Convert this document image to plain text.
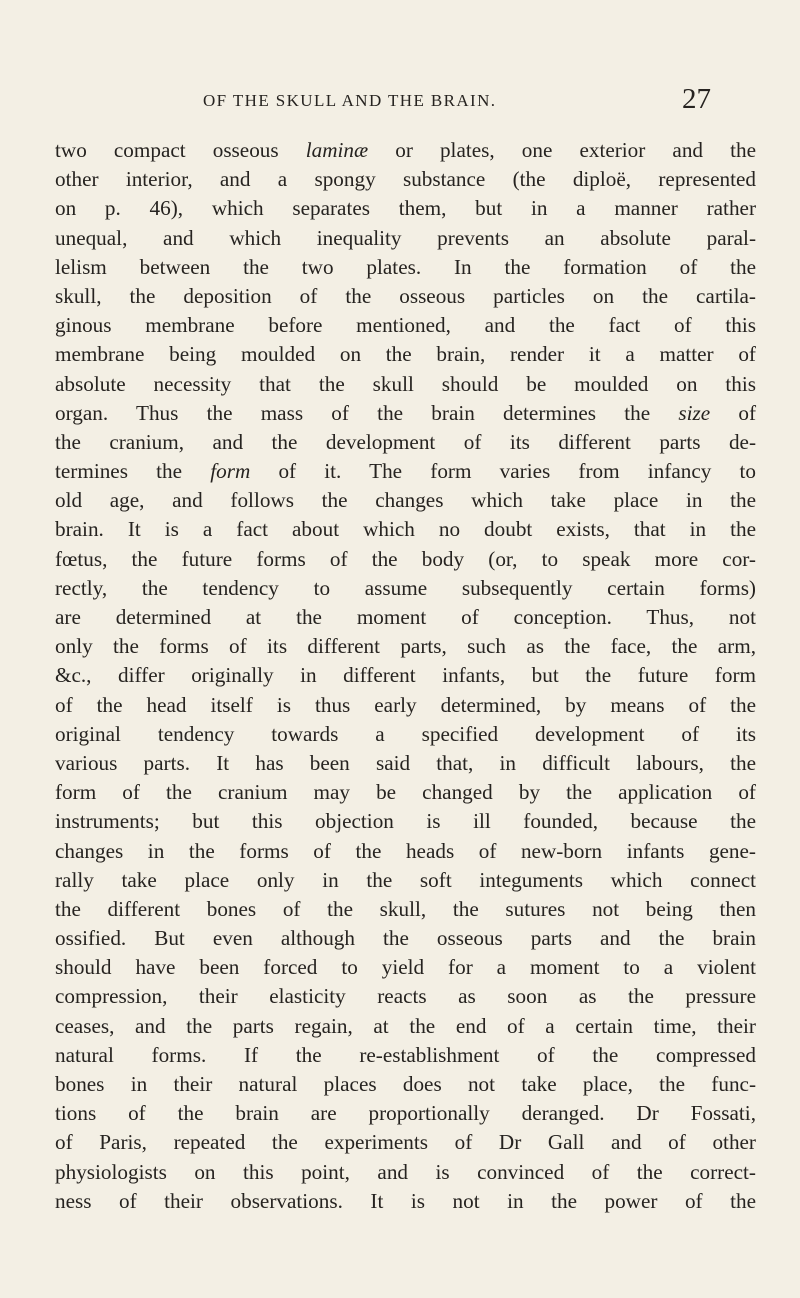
OF THE SKULL AND THE BRAIN.	27
two compact osseous laminæ or plates, one exterior and the
other interior, and a spongy substance (the diploë, represented
on p. 46), which separates them, but in a manner rather
unequal, and which inequality prevents an absolute paral-
lelism between the two plates. In the formation of the
skull, the deposition of the osseous particles on the cartila-
ginous membrane before mentioned, and the fact of this
membrane being moulded on the brain, render it a matter of
absolute necessity that the skull should be moulded on this
organ. Thus the mass of the brain determines the size of
the cranium, and the development of its different parts de-
termines the form of it. The form varies from infancy to
old age, and follows the changes which take place in the
brain. It is a fact about which no doubt exists, that in the
fœtus, the future forms of the body (or, to speak more cor-
rectly, the tendency to assume subsequently certain forms)
are determined at the moment of conception. Thus, not
only the forms of its different parts, such as the face, the arm,
&c., differ originally in different infants, but the future form
of the head itself is thus early determined, by means of the
original tendency towards a specified development of its
various parts. It has been said that, in difficult labours, the
form of the cranium may be changed by the application of
instruments; but this objection is ill founded, because the
changes in the forms of the heads of new-born infants gene-
rally take place only in the soft integuments which connect
the different bones of the skull, the sutures not being then
ossified. But even although the osseous parts and the brain
should have been forced to yield for a moment to a violent
compression, their elasticity reacts as soon as the pressure
ceases, and the parts regain, at the end of a certain time, their
natural forms. If the re-establishment of the compressed
bones in their natural places does not take place, the func-
tions of the brain are proportionally deranged. Dr Fossati,
of Paris, repeated the experiments of Dr Gall and of other
physiologists on this point, and is convinced of the correct-
ness of their observations. It is not in the power of the
